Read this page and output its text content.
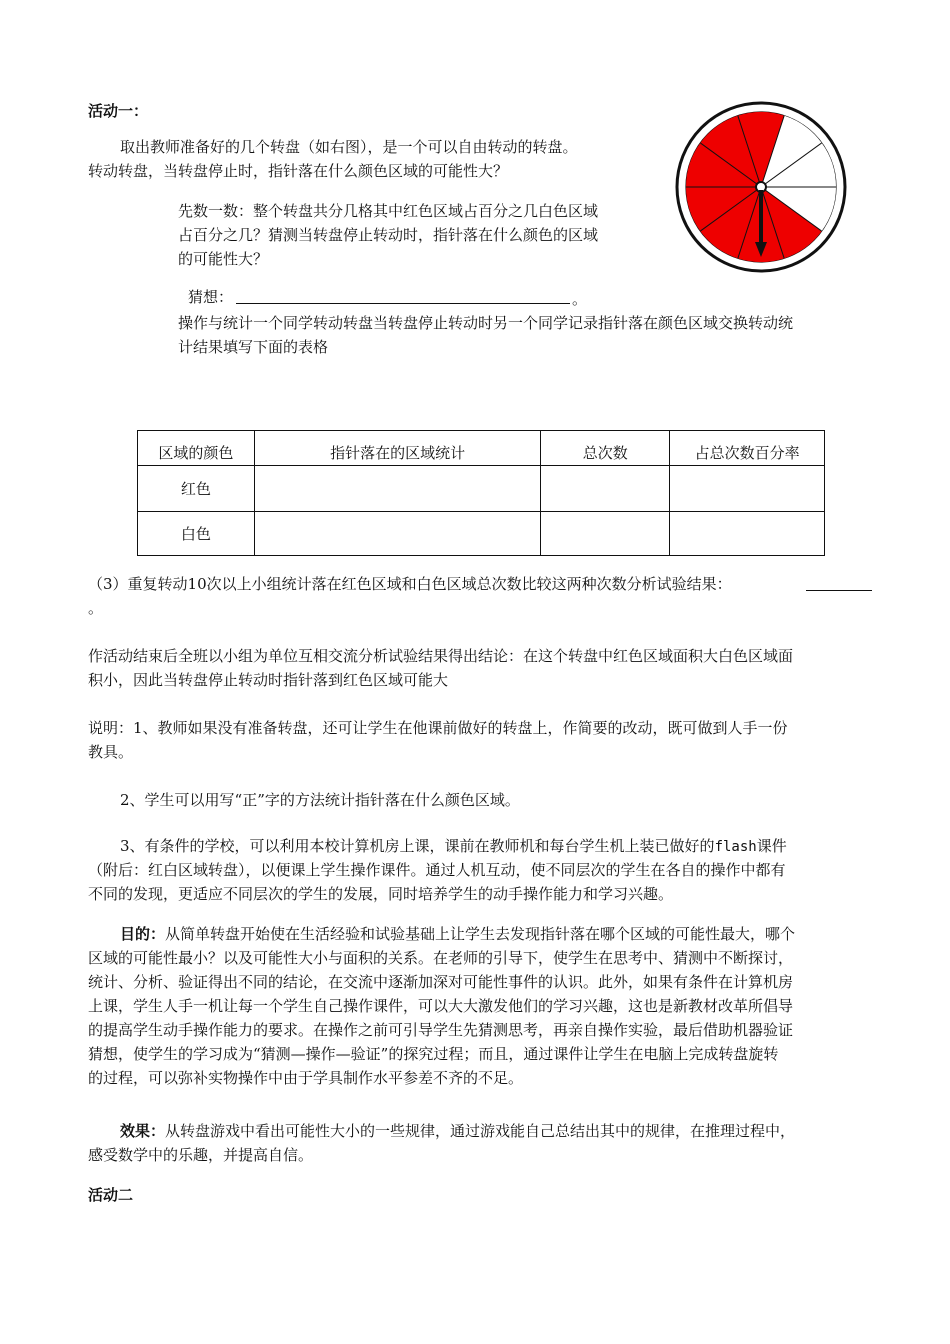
活动一：
取出教师准备好的几个转盘（如右图），是一个可以自由转动的转盘。
转动转盘，当转盘停止时，指针落在什么颜色区域的可能性大？
先数一数：整个转盘共分几格其中红色区域占百分之几白色区域
占百分之几？猜测当转盘停止转动时，指针落在什么颜色的区域
的可能性大？
猜想：	。
操作与统计一个同学转动转盘当转盘停止转动时另一个同学记录指针落在颜色区域交换转动统
计结果填写下面的表格
区域的颜色	指针落在的区域统计	总次数	占总次数百分率
红色			
白色			
（3）重复转动10次以上小组统计落在红色区域和白色区域总次数比较这两种次数分析试验结果：
。
作活动结束后全班以小组为单位互相交流分析试验结果得出结论：在这个转盘中红色区域面积大白色区域面
积小，因此当转盘停止转动时指针落到红色区域可能大
说明：1、教师如果没有准备转盘，还可让学生在他课前做好的转盘上，作简要的改动，既可做到人手一份
教具。
2、学生可以用写“正”字的方法统计指针落在什么颜色区域。
3、有条件的学校，可以利用本校计算机房上课，课前在教师机和每台学生机上装已做好的flash课件
（附后：红白区域转盘），以便课上学生操作课件。通过人机互动，使不同层次的学生在各自的操作中都有
不同的发现，更适应不同层次的学生的发展，同时培养学生的动手操作能力和学习兴趣。
目的：从简单转盘开始使在生活经验和试验基础上让学生去发现指针落在哪个区域的可能性最大，哪个
区域的可能性最小？以及可能性大小与面积的关系。在老师的引导下，使学生在思考中、猜测中不断探讨，
统计、分析、验证得出不同的结论，在交流中逐渐加深对可能性事件的认识。此外，如果有条件在计算机房
上课，学生人手一机让每一个学生自己操作课件，可以大大激发他们的学习兴趣，这也是新教材改革所倡导
的提高学生动手操作能力的要求。在操作之前可引导学生先猜测思考，再亲自操作实验，最后借助机器验证
猜想，使学生的学习成为“猜测—操作—验证”的探究过程；而且，通过课件让学生在电脑上完成转盘旋转
的过程，可以弥补实物操作中由于学具制作水平参差不齐的不足。
效果：从转盘游戏中看出可能性大小的一些规律，通过游戏能自己总结出其中的规律，在推理过程中，
感受数学中的乐趣，并提高自信。
活动二
